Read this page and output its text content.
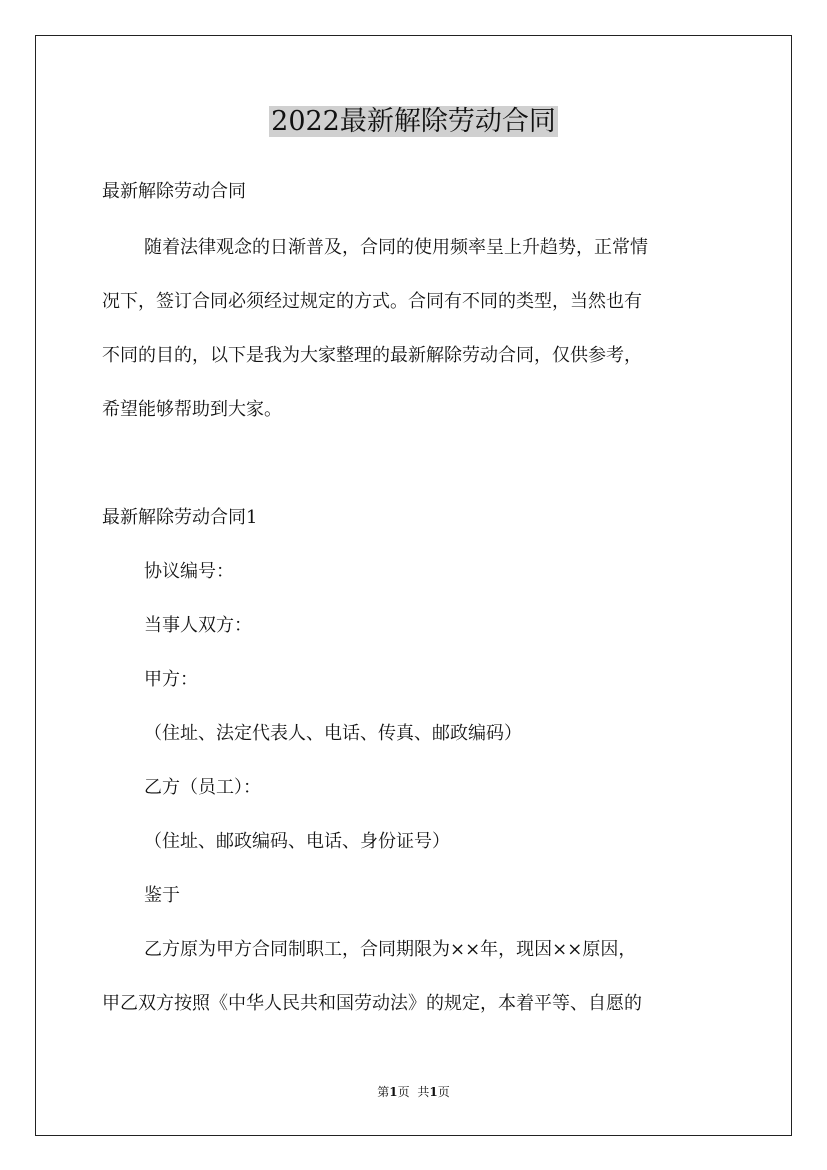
2022最新解除劳动合同

最新解除劳动合同

随着法律观念的日渐普及，合同的使用频率呈上升趋势，正常情

况下，签订合同必须经过规定的方式。合同有不同的类型，当然也有

不同的目的，以下是我为大家整理的最新解除劳动合同，仅供参考，

希望能够帮助到大家。

最新解除劳动合同1

协议编号：

当事人双方：

甲方：

（住址、法定代表人、电话、传真、邮政编码）

乙方（员工）：

（住址、邮政编码、电话、身份证号）

鉴于

乙方原为甲方合同制职工，合同期限为××年，现因××原因，

甲乙双方按照《中华人民共和国劳动法》的规定，本着平等、自愿的

第1页 共1页
